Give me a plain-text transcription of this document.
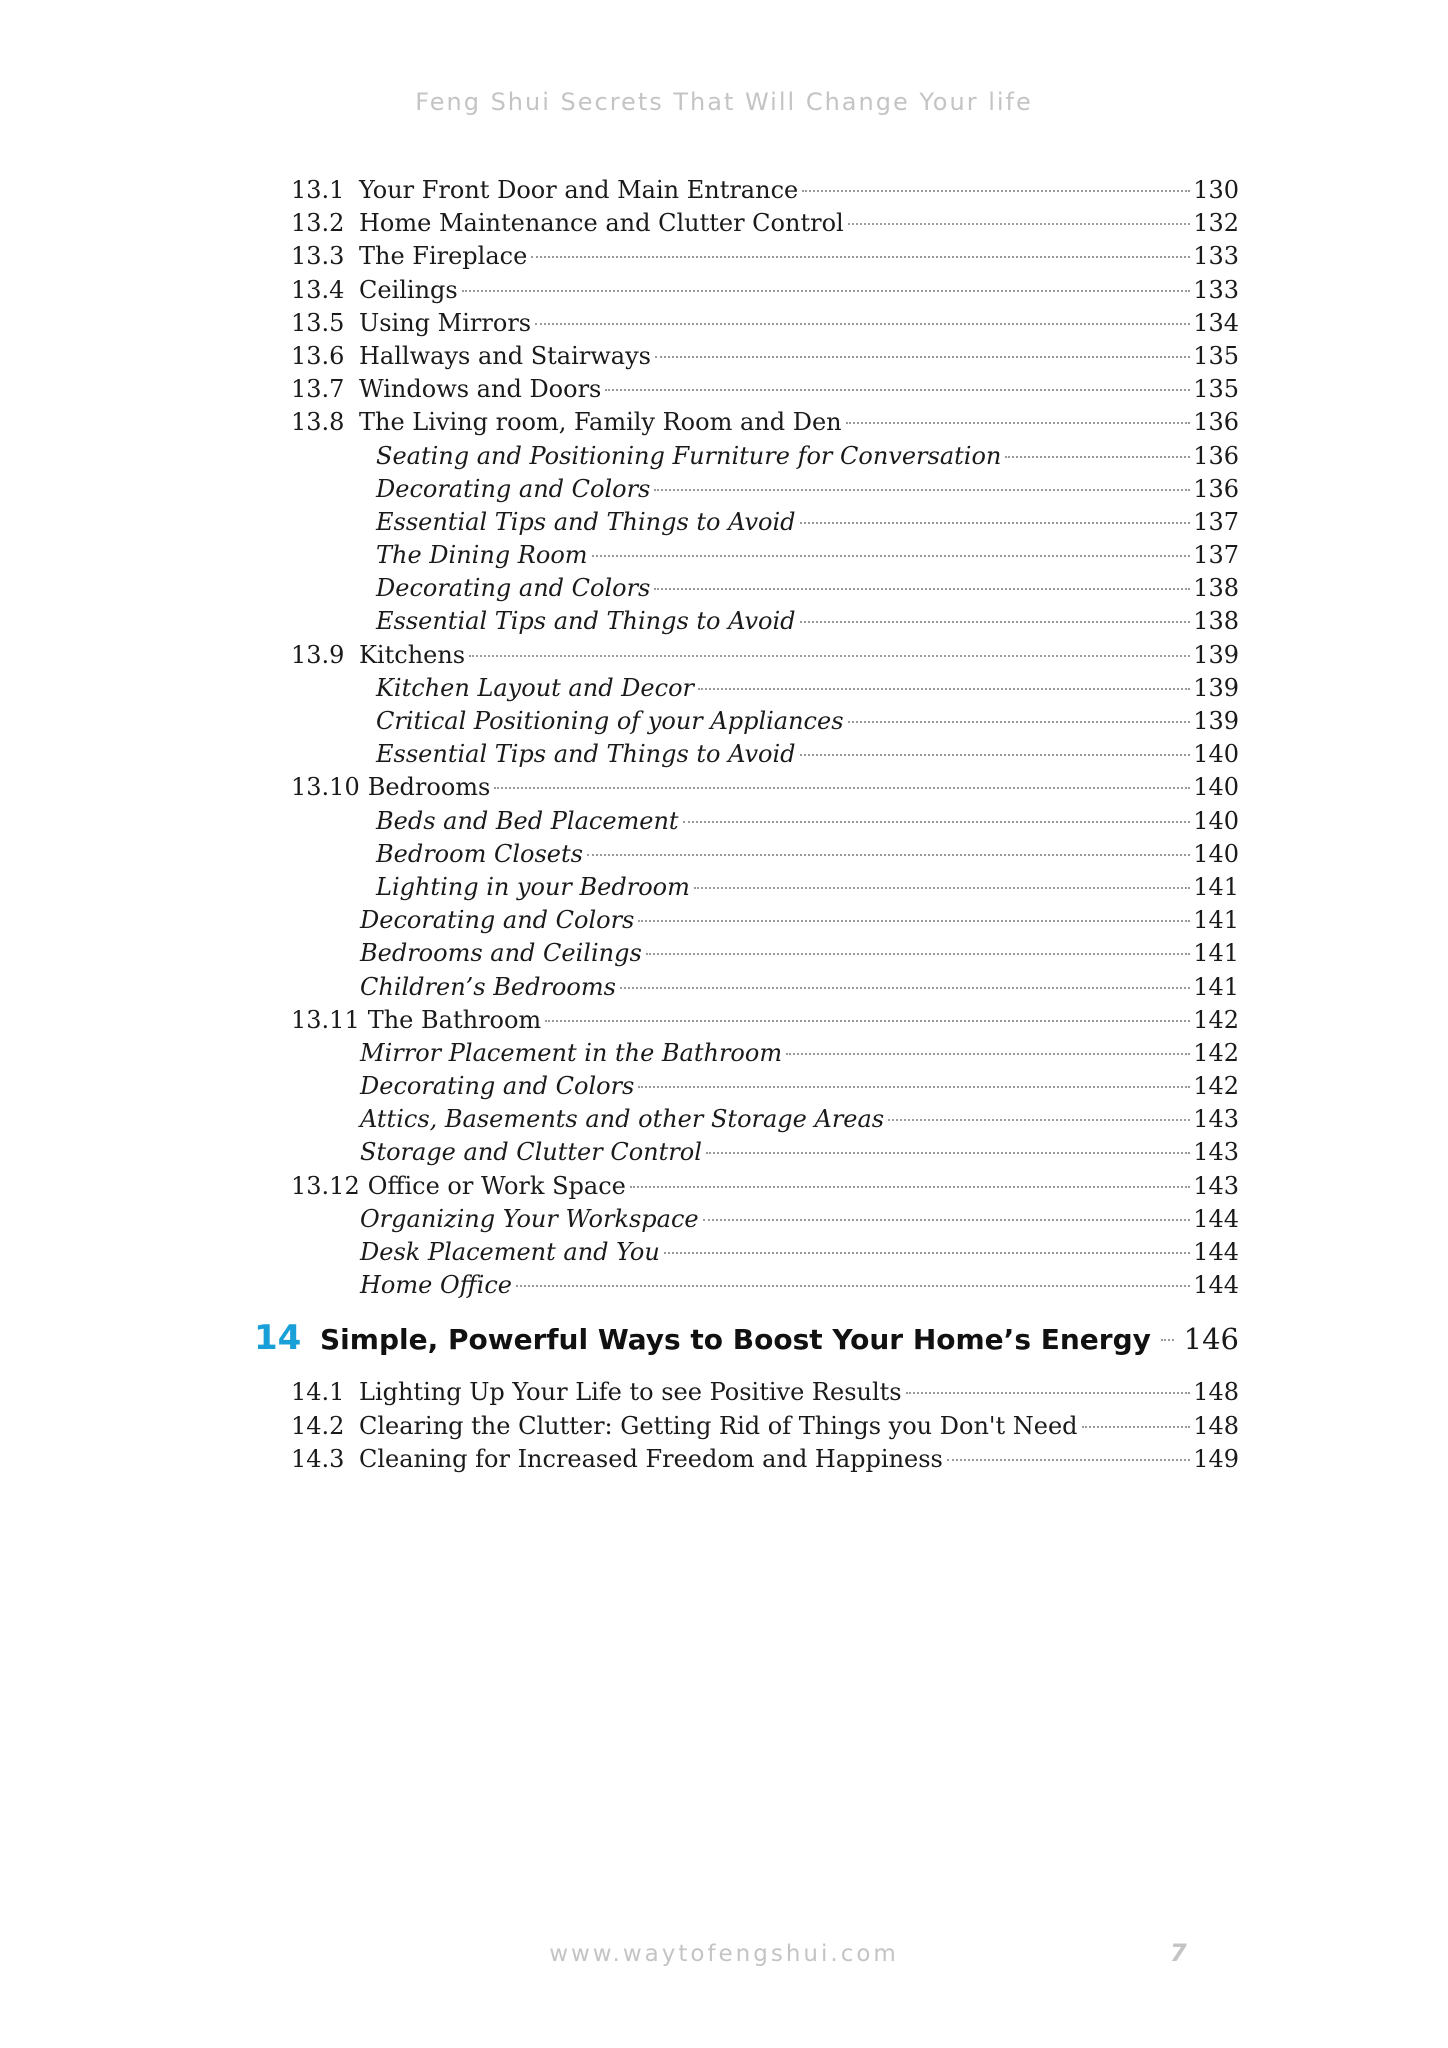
Feng Shui Secrets That Will Change Your life
13.1 Your Front Door and Main Entrance	130
13.2 Home Maintenance and Clutter Control	132
13.3 The Fireplace	133
13.4 Ceilings	133
13.5 Using Mirrors	134
13.6 Hallways and Stairways	135
13.7 Windows and Doors	135
13.8 The Living room, Family Room and Den	136
Seating and Positioning Furniture for Conversation	136
Decorating and Colors	136
Essential Tips and Things to Avoid	137
The Dining Room	137
Decorating and Colors	138
Essential Tips and Things to Avoid	138
13.9 Kitchens	139
Kitchen Layout and Decor	139
Critical Positioning of your Appliances	139
Essential Tips and Things to Avoid	140
13.10 Bedrooms	140
Beds and Bed Placement	140
Bedroom Closets	140
Lighting in your Bedroom	141
Decorating and Colors	141
Bedrooms and Ceilings	141
Children’s Bedrooms	141
13.11 The Bathroom	142
Mirror Placement in the Bathroom	142
Decorating and Colors	142
Attics, Basements and other Storage Areas	143
Storage and Clutter Control	143
13.12 Office or Work Space	143
Organizing Your Workspace	144
Desk Placement and You	144
Home Office	144
14 Simple, Powerful Ways to Boost Your Home’s Energy 146
14.1 Lighting Up Your Life to see Positive Results	148
14.2 Clearing the Clutter: Getting Rid of Things you Don't Need	148
14.3 Cleaning for Increased Freedom and Happiness	149
www.waytofengshui.com	7
